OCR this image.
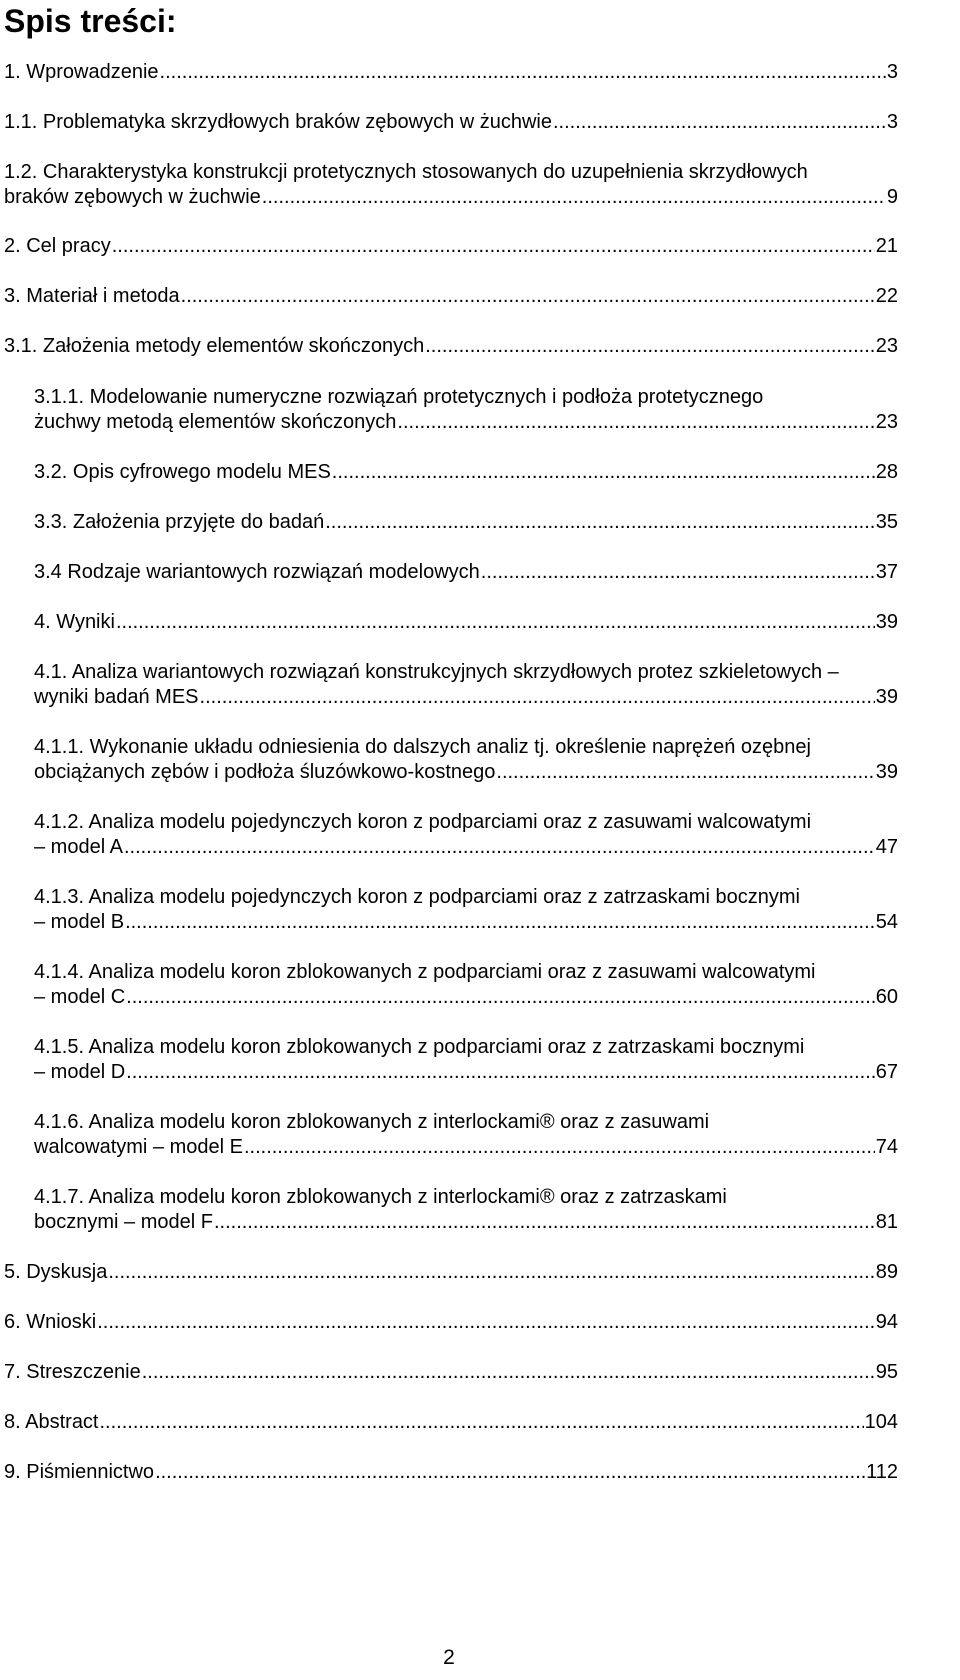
Spis treści:
1. Wprowadzenie .....	3
1.1. Problematyka skrzydłowych braków zębowych w żuchwie .....	3
1.2. Charakterystyka konstrukcji protetycznych stosowanych do uzupełnienia skrzydłowych
braków zębowych w żuchwie .....	9
2. Cel pracy .....	21
3. Materiał i metoda .....	22
3.1. Założenia metody elementów skończonych .....	23
3.1.1. Modelowanie numeryczne rozwiązań protetycznych i podłoża protetycznego
żuchwy metodą elementów skończonych .....	23
3.2. Opis cyfrowego modelu MES .....	28
3.3. Założenia przyjęte do badań .....	35
3.4 Rodzaje wariantowych rozwiązań modelowych .....	37
4. Wyniki .....	39
4.1. Analiza wariantowych rozwiązań konstrukcyjnych skrzydłowych protez szkieletowych –
wyniki badań MES .....	39
4.1.1. Wykonanie układu odniesienia do dalszych analiz tj. określenie naprężeń ozębnej
obciążanych zębów i podłoża śluzówkowo-kostnego .....	39
4.1.2. Analiza modelu pojedynczych koron z podparciami oraz z zasuwami walcowatymi
– model A .....	47
4.1.3. Analiza modelu pojedynczych koron z podparciami oraz z zatrzaskami bocznymi
– model B .....	54
4.1.4. Analiza modelu koron zblokowanych z podparciami oraz z zasuwami walcowatymi
– model C .....	60
4.1.5. Analiza modelu koron zblokowanych z podparciami oraz z zatrzaskami bocznymi
– model D .....	67
4.1.6. Analiza modelu koron zblokowanych z interlockami® oraz z zasuwami
walcowatymi – model E .....	74
4.1.7. Analiza modelu koron zblokowanych z interlockami® oraz z zatrzaskami
bocznymi – model F .....	81
5. Dyskusja .....	89
6. Wnioski .....	94
7. Streszczenie .....	95
8. Abstract .....	104
9. Piśmiennictwo .....	112
2
